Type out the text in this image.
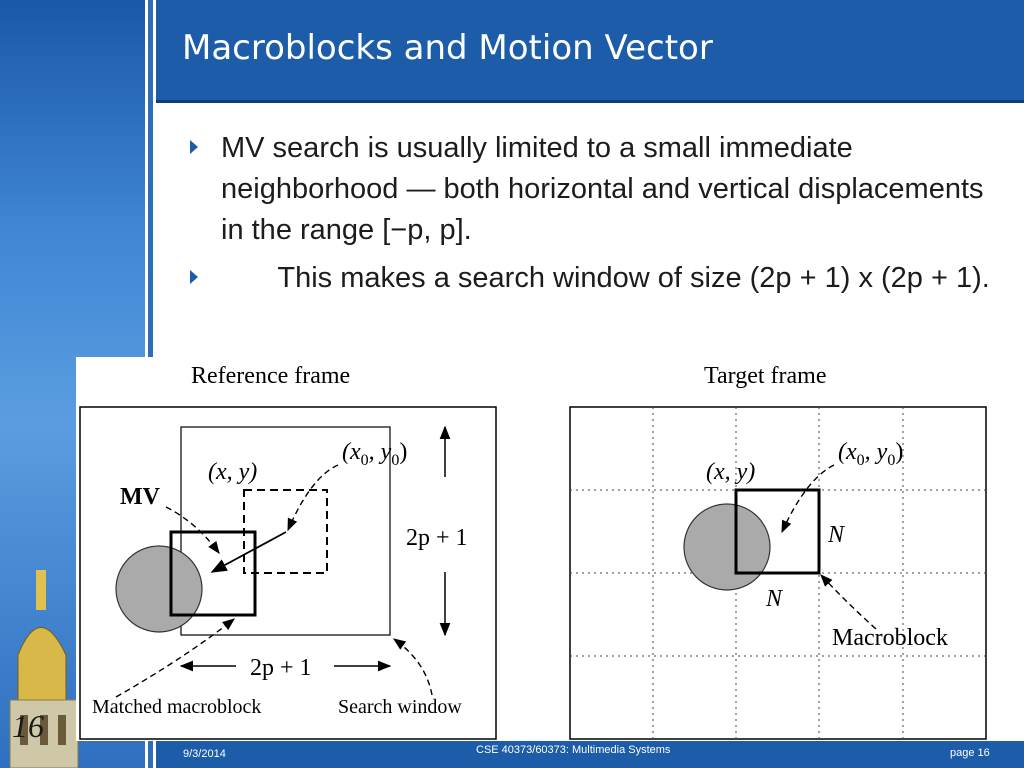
Macroblocks and Motion Vector
MV search is usually limited to a small immediate neighborhood — both horizontal and vertical displacements in the range [−p, p].
This makes a search window of size (2p + 1) x (2p + 1).
Reference frame
MV
(x, y)
($x_0$, $y_0$)
2p + 1
2p + 1
Matched macroblock	Search window
Target frame
(x, y)
($x_0$, $y_0$)
N
N
Macroblock
16
9/3/2014	CSE 40373/60373: Multimedia Systems	page 16
